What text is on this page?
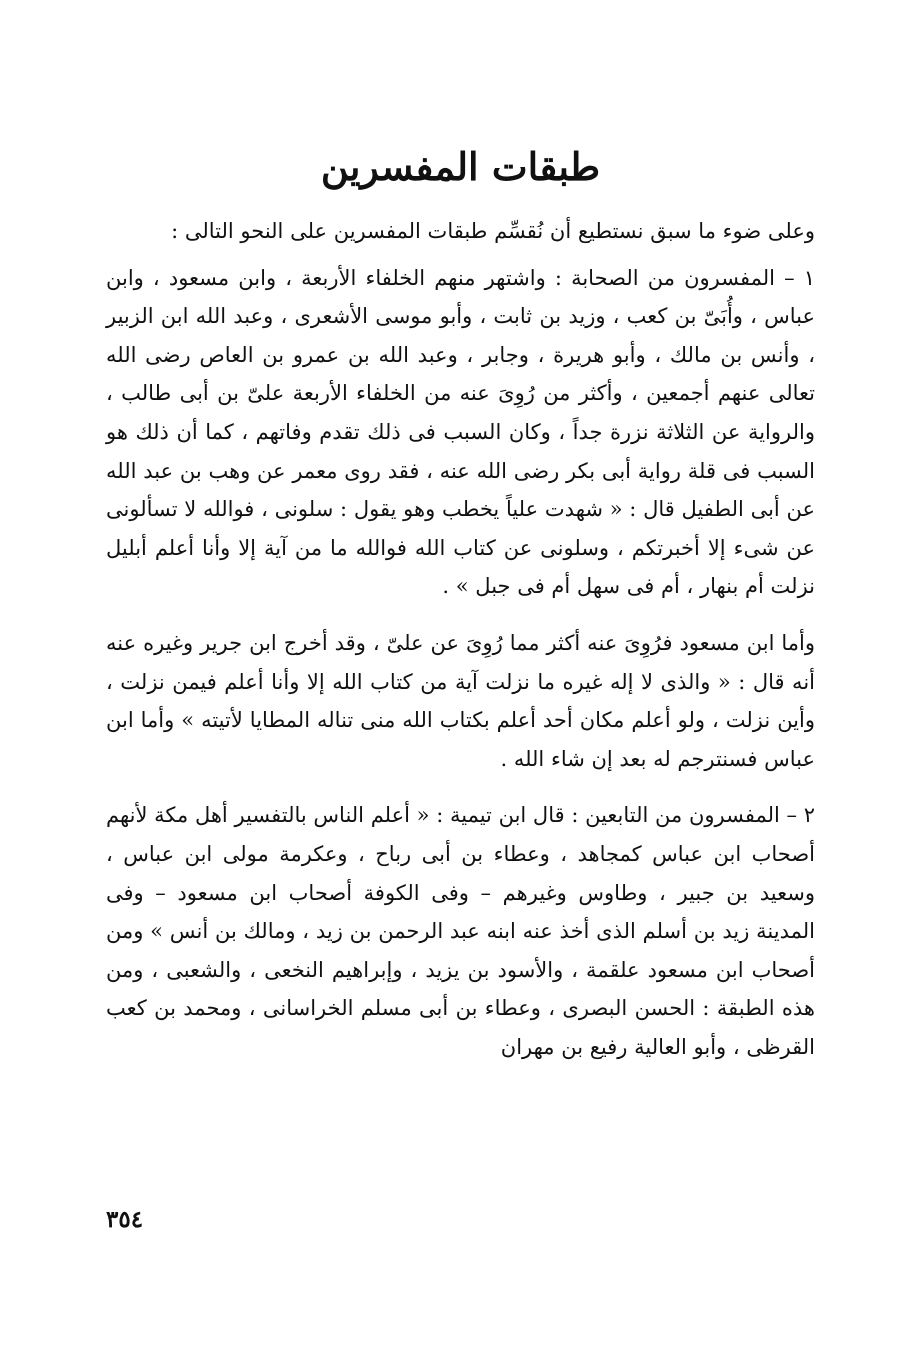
طبقات المفسرين

وعلى ضوء ما سبق نستطيع أن نُقسِّم طبقات المفسرين على النحو التالى :

١ – المفسرون من الصحابة : واشتهر منهم الخلفاء الأربعة ، وابن مسعود ، وابن عباس ، وأُبَىّ بن كعب ، وزيد بن ثابت ، وأبو موسى الأشعرى ، وعبد الله ابن الزبير ، وأنس بن مالك ، وأبو هريرة ، وجابر ، وعبد الله بن عمرو بن العاص رضى الله تعالى عنهم أجمعين ، وأكثر من رُوِىَ عنه من الخلفاء الأربعة علىّ بن أبى طالب ، والرواية عن الثلاثة نزرة جداً ، وكان السبب فى ذلك تقدم وفاتهم ، كما أن ذلك هو السبب فى قلة رواية أبى بكر رضى الله عنه ، فقد روى معمر عن وهب بن عبد الله عن أبى الطفيل قال : « شهدت علياً يخطب وهو يقول : سلونى ، فوالله لا تسألونى عن شىء إلا أخبرتكم ، وسلونى عن كتاب الله فوالله ما من آية إلا وأنا أعلم أبليل نزلت أم بنهار ، أم فى سهل أم فى جبل » .

وأما ابن مسعود فرُوِىَ عنه أكثر مما رُوِىَ عن علىّ ، وقد أخرج ابن جرير وغيره عنه أنه قال : « والذى لا إله غيره ما نزلت آية من كتاب الله إلا وأنا أعلم فيمن نزلت ، وأين نزلت ، ولو أعلم مكان أحد أعلم بكتاب الله منى تناله المطايا لأتيته » وأما ابن عباس فسنترجم له بعد إن شاء الله .

٢ – المفسرون من التابعين : قال ابن تيمية : « أعلم الناس بالتفسير أهل مكة لأنهم أصحاب ابن عباس كمجاهد ، وعطاء بن أبى رباح ، وعكرمة مولى ابن عباس ، وسعيد بن جبير ، وطاوس وغيرهم – وفى الكوفة أصحاب ابن مسعود – وفى المدينة زيد بن أسلم الذى أخذ عنه ابنه عبد الرحمن بن زيد ، ومالك بن أنس » ومن أصحاب ابن مسعود علقمة ، والأسود بن يزيد ، وإبراهيم النخعى ، والشعبى ، ومن هذه الطبقة : الحسن البصرى ، وعطاء بن أبى مسلم الخراسانى ، ومحمد بن كعب القرظى ، وأبو العالية رفيع بن مهران

٣٥٤
